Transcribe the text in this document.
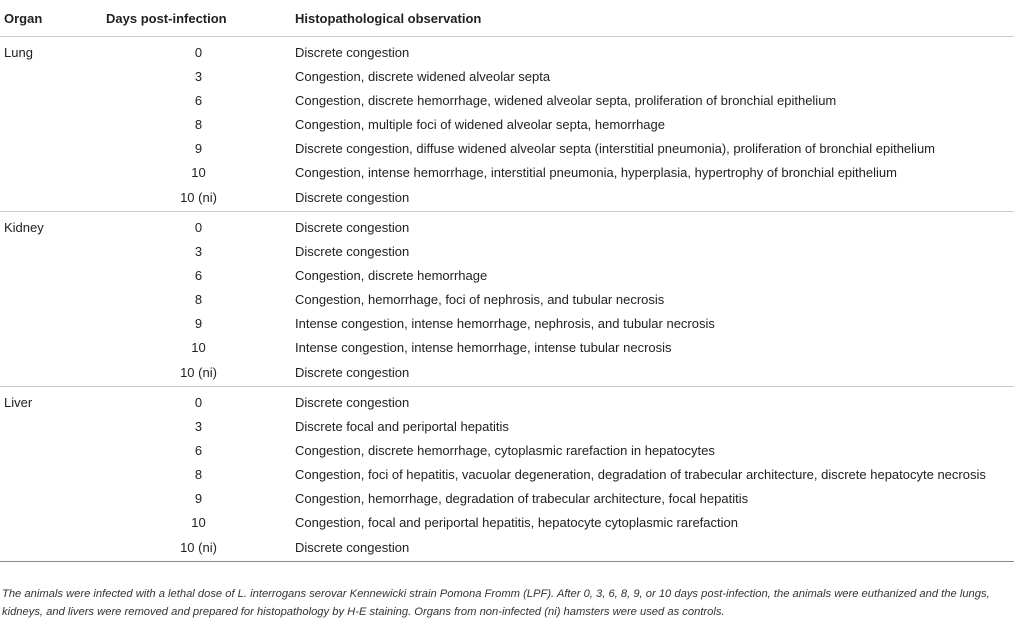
Organ	Days post-infection	Histopathological observation
Lung	0	Discrete congestion
	3	Congestion, discrete widened alveolar septa
	6	Congestion, discrete hemorrhage, widened alveolar septa, proliferation of bronchial epithelium
	8	Congestion, multiple foci of widened alveolar septa, hemorrhage
	9	Discrete congestion, diffuse widened alveolar septa (interstitial pneumonia), proliferation of bronchial epithelium
	10	Congestion, intense hemorrhage, interstitial pneumonia, hyperplasia, hypertrophy of bronchial epithelium
	10 (ni)	Discrete congestion
Kidney	0	Discrete congestion
	3	Discrete congestion
	6	Congestion, discrete hemorrhage
	8	Congestion, hemorrhage, foci of nephrosis, and tubular necrosis
	9	Intense congestion, intense hemorrhage, nephrosis, and tubular necrosis
	10	Intense congestion, intense hemorrhage, intense tubular necrosis
	10 (ni)	Discrete congestion
Liver	0	Discrete congestion
	3	Discrete focal and periportal hepatitis
	6	Congestion, discrete hemorrhage, cytoplasmic rarefaction in hepatocytes
	8	Congestion, foci of hepatitis, vacuolar degeneration, degradation of trabecular architecture, discrete hepatocyte necrosis
	9	Congestion, hemorrhage, degradation of trabecular architecture, focal hepatitis
	10	Congestion, focal and periportal hepatitis, hepatocyte cytoplasmic rarefaction
	10 (ni)	Discrete congestion

The animals were infected with a lethal dose of L. interrogans serovar Kennewicki strain Pomona Fromm (LPF). After 0, 3, 6, 8, 9, or 10 days post-infection, the animals were euthanized and the lungs, kidneys, and livers were removed and prepared for histopathology by H-E staining. Organs from non-infected (ni) hamsters were used as controls.
